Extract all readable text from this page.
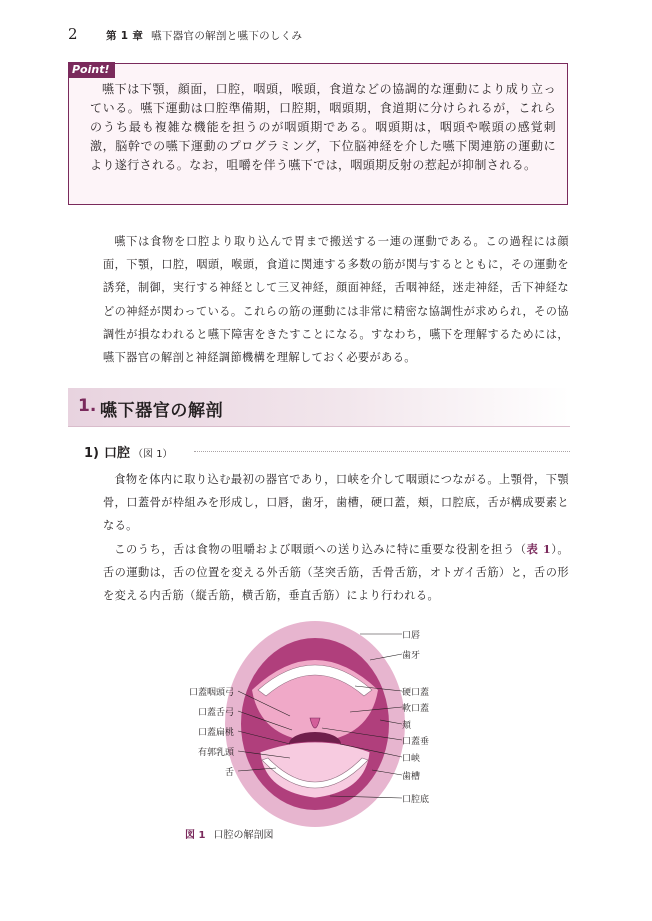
2	第 1 章 嚥下器官の解剖と嚥下のしくみ
Point!
嚥下は下顎，顔面，口腔，咽頭，喉頭，食道などの協調的な運動により成り立っている。嚥下運動は口腔準備期，口腔期，咽頭期，食道期に分けられるが，これらのうち最も複雑な機能を担うのが咽頭期である。咽頭期は，咽頭や喉頭の感覚刺激，脳幹での嚥下運動のプログラミング，下位脳神経を介した嚥下関連筋の運動により遂行される。なお，咀嚼を伴う嚥下では，咽頭期反射の惹起が抑制される。

嚥下は食物を口腔より取り込んで胃まで搬送する一連の運動である。この過程には顔面，下顎，口腔，咽頭，喉頭，食道に関連する多数の筋が関与するとともに，その運動を誘発，制御，実行する神経として三叉神経，顔面神経，舌咽神経，迷走神経，舌下神経などの神経が関わっている。これらの筋の運動には非常に精密な協調性が求められ，その協調性が損なわれると嚥下障害をきたすことになる。すなわち，嚥下を理解するためには，嚥下器官の解剖と神経調節機構を理解しておく必要がある。

1. 嚥下器官の解剖
1) 口腔 （図 1）

食物を体内に取り込む最初の器官であり，口峡を介して咽頭につながる。上顎骨，下顎骨，口蓋骨が枠組みを形成し，口唇，歯牙，歯槽，硬口蓋，頬，口腔底，舌が構成要素となる。

このうち，舌は食物の咀嚼および咽頭への送り込みに特に重要な役割を担う（表 1）。舌の運動は，舌の位置を変える外舌筋（茎突舌筋，舌骨舌筋，オトガイ舌筋）と，舌の形を変える内舌筋（縦舌筋，横舌筋，垂直舌筋）により行われる。

口唇
歯牙
硬口蓋
軟口蓋
頬
口蓋垂
口峡
歯槽
口腔底
口蓋咽頭弓
口蓋舌弓
口蓋扁桃
有郭乳頭
舌
図 1 口腔の解剖図
